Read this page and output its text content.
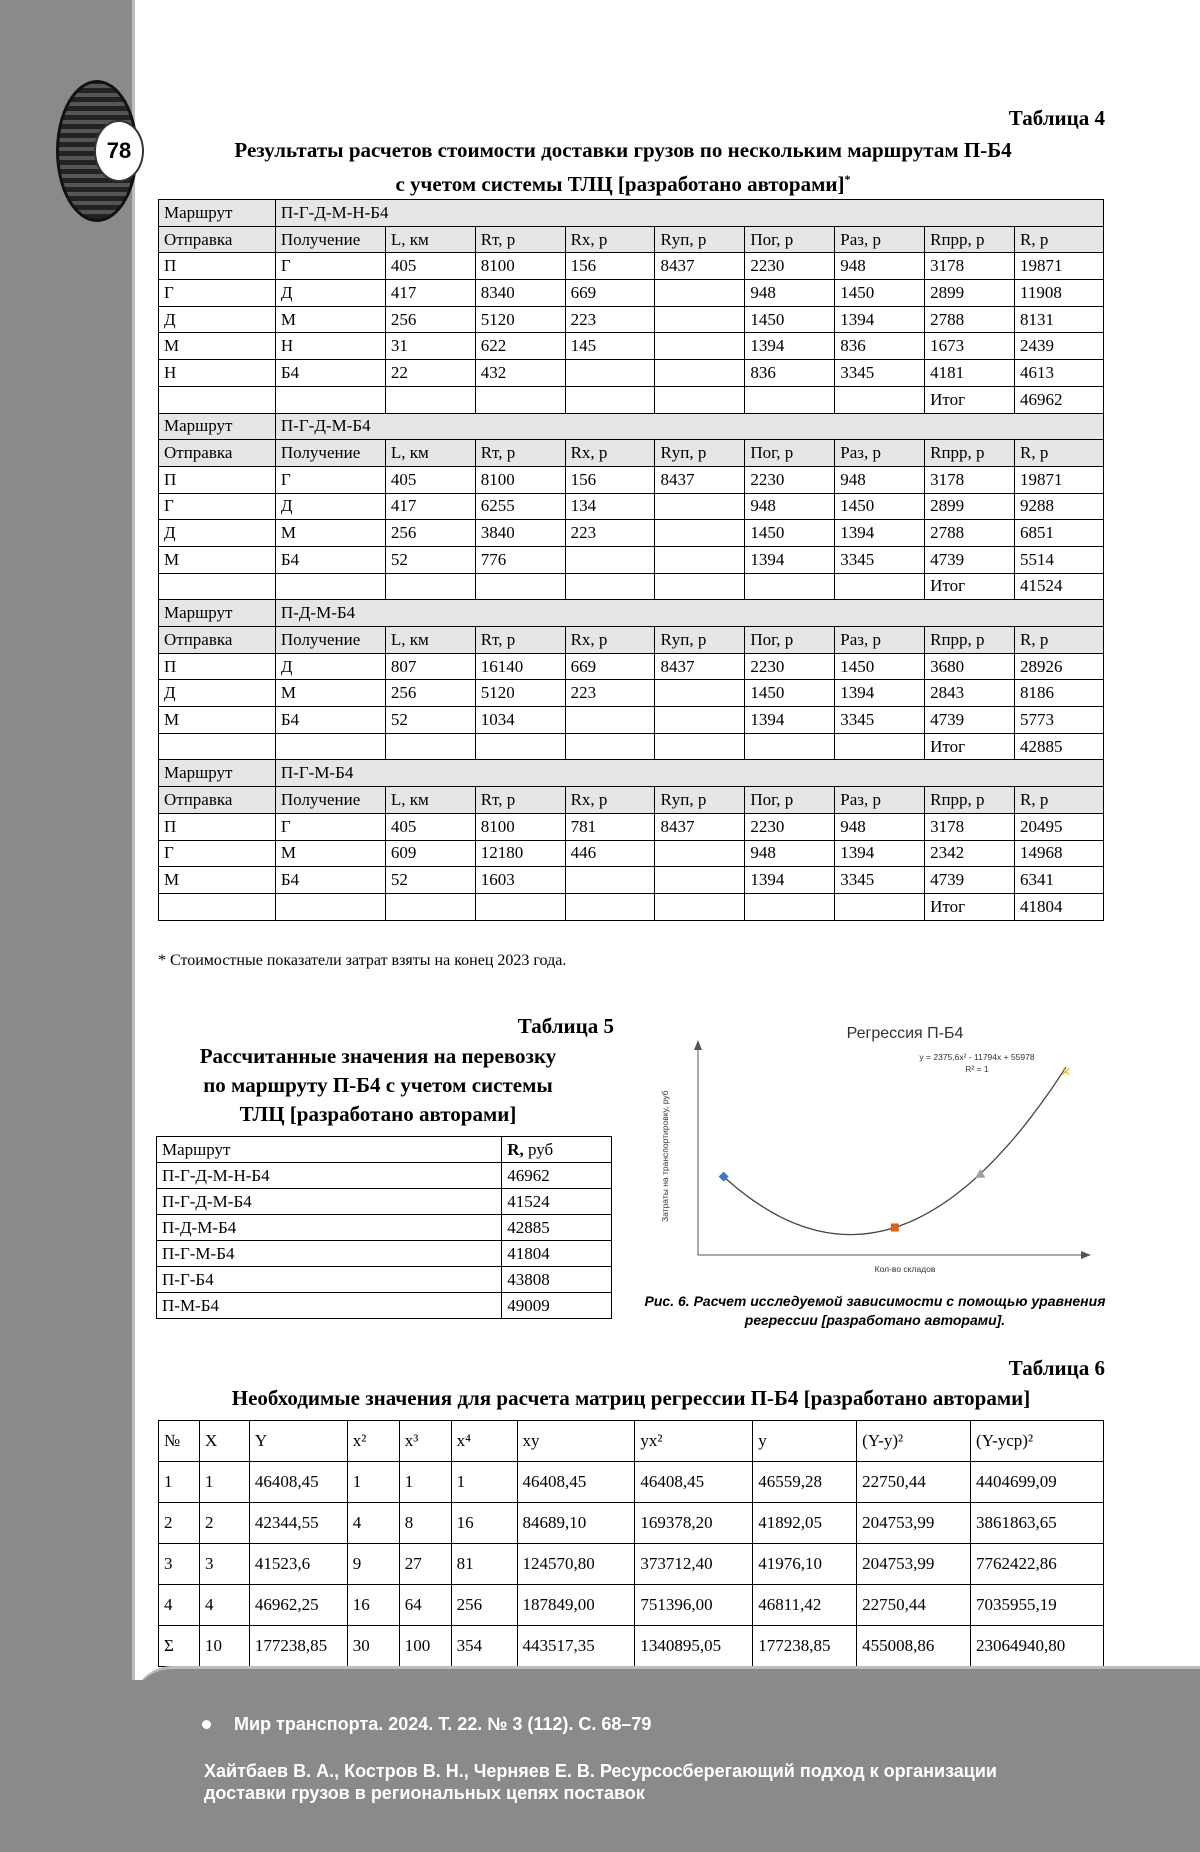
78
Таблица 4
Результаты расчетов стоимости доставки грузов по нескольким маршрутам П-Б4
с учетом системы ТЛЦ [разработано авторами]*
Маршрут	П-Г-Д-М-Н-Б4								
Отправка	Получение	L, км	Rт, р	Rх, р	Rуп, р	Пог, р	Раз, р	Rпрр, р	R, р
П	Г	405	8100	156	8437	2230	948	3178	19871
Г	Д	417	8340	669		948	1450	2899	11908
Д	М	256	5120	223		1450	1394	2788	8131
М	Н	31	622	145		1394	836	1673	2439
Н	Б4	22	432			836	3345	4181	4613
								Итог	46962
Маршрут	П-Г-Д-М-Б4								
Отправка	Получение	L, км	Rт, р	Rх, р	Rуп, р	Пог, р	Раз, р	Rпрр, р	R, р
П	Г	405	8100	156	8437	2230	948	3178	19871
Г	Д	417	6255	134		948	1450	2899	9288
Д	М	256	3840	223		1450	1394	2788	6851
М	Б4	52	776			1394	3345	4739	5514
								Итог	41524
Маршрут	П-Д-М-Б4								
Отправка	Получение	L, км	Rт, р	Rх, р	Rуп, р	Пог, р	Раз, р	Rпрр, р	R, р
П	Д	807	16140	669	8437	2230	1450	3680	28926
Д	М	256	5120	223		1450	1394	2843	8186
М	Б4	52	1034			1394	3345	4739	5773
								Итог	42885
Маршрут	П-Г-М-Б4								
Отправка	Получение	L, км	Rт, р	Rх, р	Rуп, р	Пог, р	Раз, р	Rпрр, р	R, р
П	Г	405	8100	781	8437	2230	948	3178	20495
Г	М	609	12180	446		948	1394	2342	14968
М	Б4	52	1603			1394	3345	4739	6341
								Итог	41804
* Стоимостные показатели затрат взяты на конец 2023 года.
Таблица 5
Рассчитанные значения на перевозку
по маршруту П-Б4 с учетом системы
ТЛЦ [разработано авторами]
Маршрут	R, руб
П-Г-Д-М-Н-Б4	46962
П-Г-Д-М-Б4	41524
П-Д-М-Б4	42885
П-Г-М-Б4	41804
П-Г-Б4	43808
П-М-Б4	49009
Регрессия П-Б4
y = 2375,6x² - 11794x + 55978
R² = 1
Затраты на транспортировку, руб
Кол-во складов
✕
Рис. 6. Расчет исследуемой зависимости с помощью уравнения
регрессии [разработано авторами].
Таблица 6
Необходимые значения для расчета матриц регрессии П-Б4 [разработано авторами]
№	X	Y	x²	x³	x⁴	xy	yx²	y	(Y-y)²	(Y-yср)²
1	1	46408,45	1	1	1	46408,45	46408,45	46559,28	22750,44	4404699,09
2	2	42344,55	4	8	16	84689,10	169378,20	41892,05	204753,99	3861863,65
3	3	41523,6	9	27	81	124570,80	373712,40	41976,10	204753,99	7762422,86
4	4	46962,25	16	64	256	187849,00	751396,00	46811,42	22750,44	7035955,19
Σ	10	177238,85	30	100	354	443517,35	1340895,05	177238,85	455008,86	23064940,80
Мир транспорта. 2024. Т. 22. № 3 (112). С. 68–79
Хайтбаев В. А., Костров В. Н., Черняев Е. В. Ресурсосберегающий подход к организации
доставки грузов в региональных цепях поставок
